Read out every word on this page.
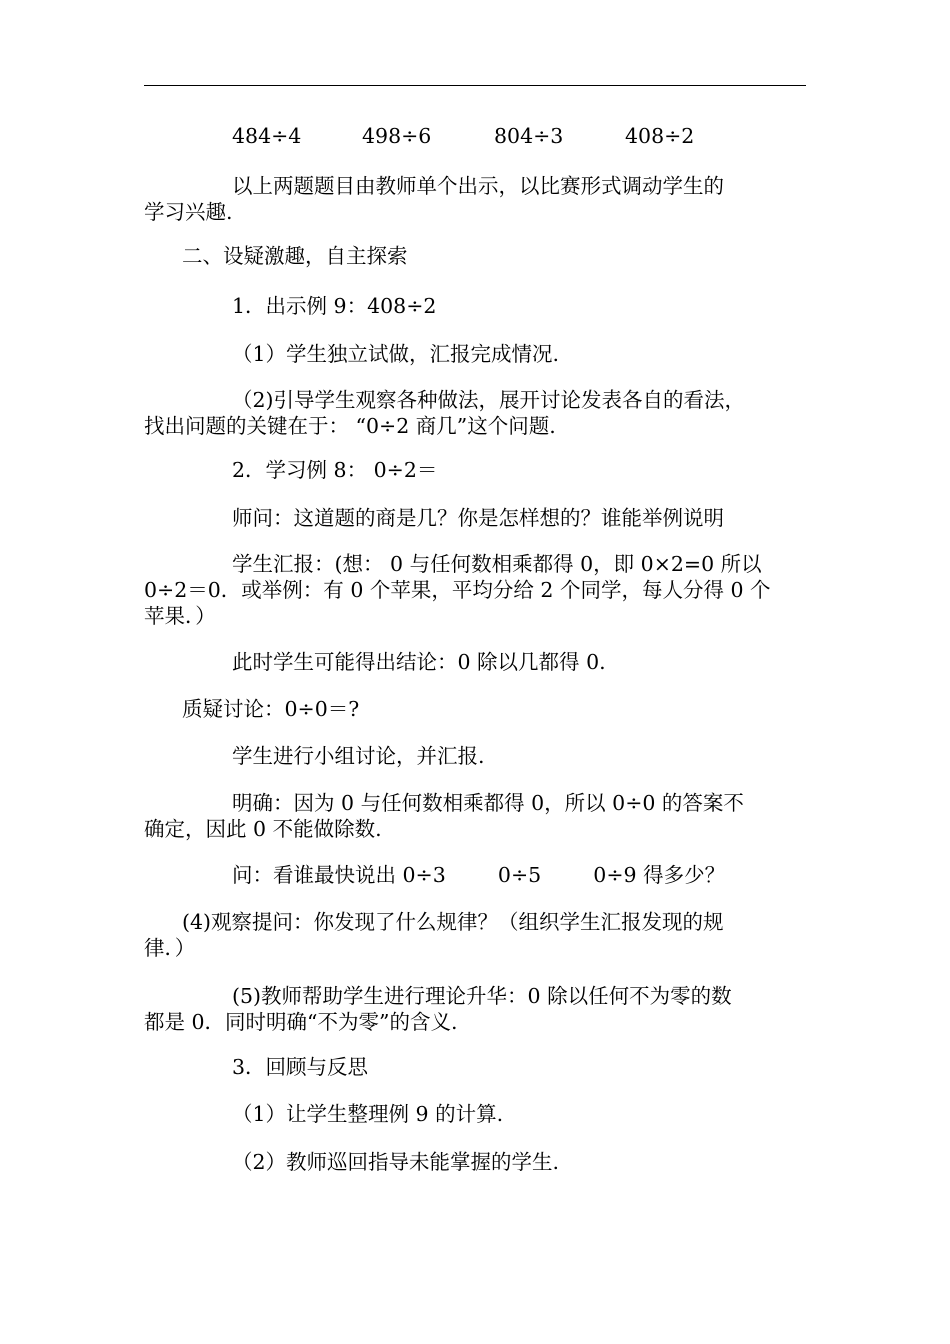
484÷4	498÷6	804÷3	408÷2
以上两题题目由教师单个出示，以比赛形式调动学生的
学习兴趣.
二、设疑激趣，自主探索
1．出示例 9：408÷2
（1）学生独立试做，汇报完成情况.
（2)引导学生观察各种做法，展开讨论发表各自的看法，
找出问题的关键在于： “0÷2 商几”这个问题.
2．学习例 8： 0÷2＝
师问：这道题的商是几？你是怎样想的？谁能举例说明
学生汇报：(想： 0 与任何数相乘都得 0，即 0×2=0 所以
0÷2＝0．或举例：有 0 个苹果，平均分给 2 个同学，每人分得 0 个
苹果．）
此时学生可能得出结论：0 除以几都得 0.
质疑讨论：0÷0＝?
学生进行小组讨论，并汇报.
明确：因为 0 与任何数相乘都得 0，所以 0÷0 的答案不
确定，因此 0 不能做除数.
问：看谁最快说出 0÷3        0÷5        0÷9 得多少？
(4)观察提问：你发现了什么规律？（组织学生汇报发现的规
律．）
(5)教师帮助学生进行理论升华：0 除以任何不为零的数
都是 0．同时明确“不为零”的含义.
3．回顾与反思
（1）让学生整理例 9 的计算.
（2）教师巡回指导未能掌握的学生.
